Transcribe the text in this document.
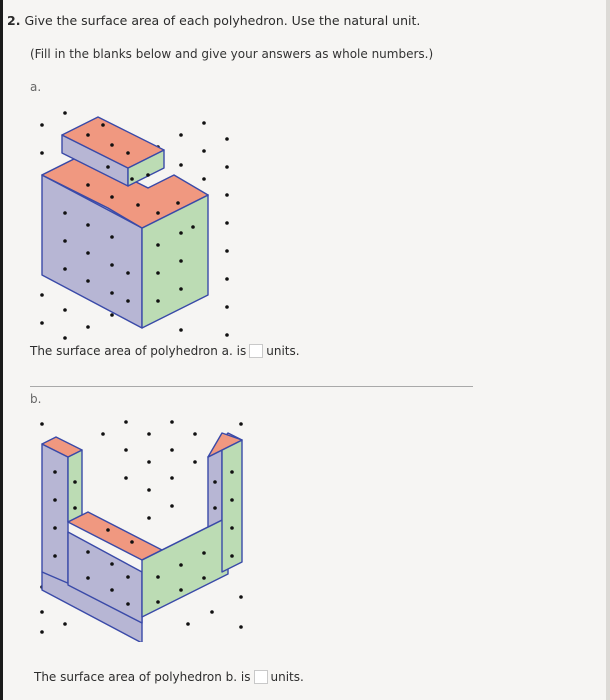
2. Give the surface area of each polyhedron. Use the natural unit.
(Fill in the blanks below and give your answers as whole numbers.)
a.
The surface area of polyhedron a. is units.
b.
The surface area of polyhedron b. is units.
